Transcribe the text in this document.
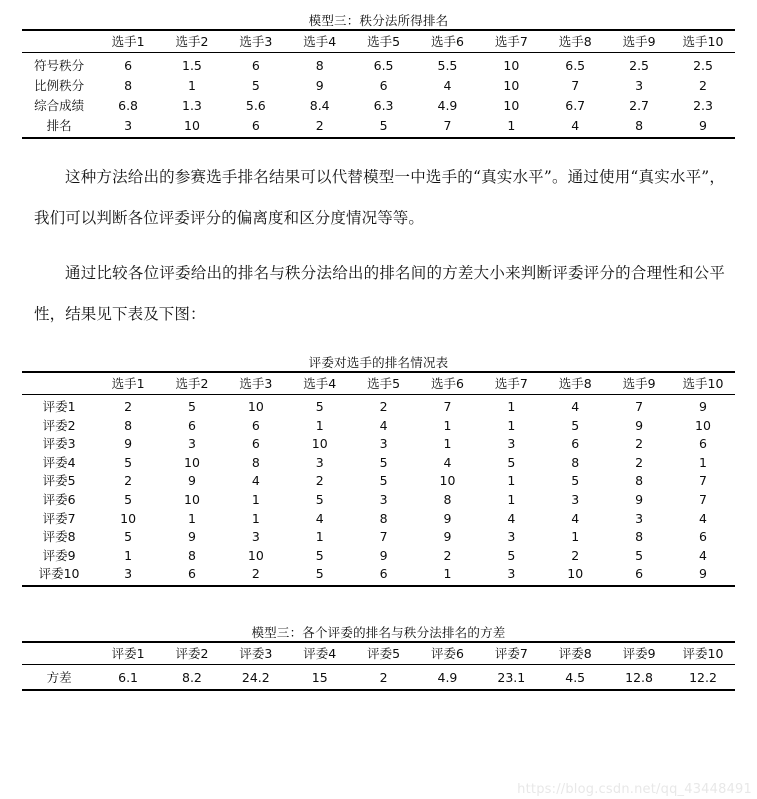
模型三：秩分法所得排名
	选手1	选手2	选手3	选手4	选手5	选手6	选手7	选手8	选手9	选手10
符号秩分	6	1.5	6	8	6.5	5.5	10	6.5	2.5	2.5
比例秩分	8	1	5	9	6	4	10	7	3	2
综合成绩	6.8	1.3	5.6	8.4	6.3	4.9	10	6.7	2.7	2.3
排名	3	10	6	2	5	7	1	4	8	9

这种方法给出的参赛选手排名结果可以代替模型一中选手的“真实水平”。通过使用“真实水平”，我们可以判断各位评委评分的偏离度和区分度情况等等。

通过比较各位评委给出的排名与秩分法给出的排名间的方差大小来判断评委评分的合理性和公平性，结果见下表及下图：

评委对选手的排名情况表
	选手1	选手2	选手3	选手4	选手5	选手6	选手7	选手8	选手9	选手10
评委1	2	5	10	5	2	7	1	4	7	9
评委2	8	6	6	1	4	1	1	5	9	10
评委3	9	3	6	10	3	1	3	6	2	6
评委4	5	10	8	3	5	4	5	8	2	1
评委5	2	9	4	2	5	10	1	5	8	7
评委6	5	10	1	5	3	8	1	3	9	7
评委7	10	1	1	4	8	9	4	4	3	4
评委8	5	9	3	1	7	9	3	1	8	6
评委9	1	8	10	5	9	2	5	2	5	4
评委10	3	6	2	5	6	1	3	10	6	9
模型三：各个评委的排名与秩分法排名的方差
	评委1	评委2	评委3	评委4	评委5	评委6	评委7	评委8	评委9	评委10
方差	6.1	8.2	24.2	15	2	4.9	23.1	4.5	12.8	12.2
https://blog.csdn.net/qq_43448491
